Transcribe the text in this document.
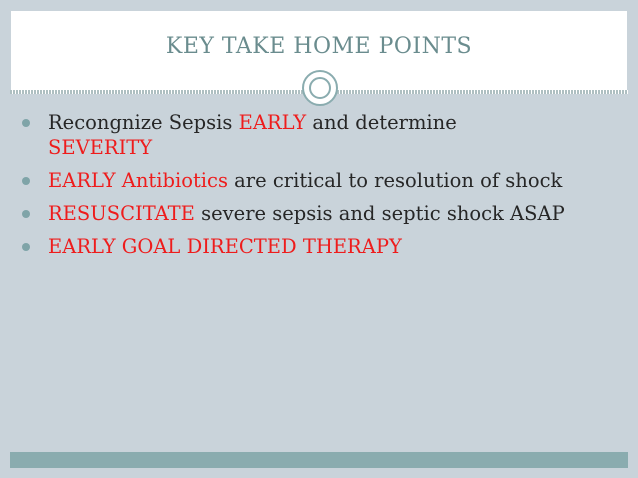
KEY TAKE HOME POINTS
Recongnize Sepsis EARLY and determine
SEVERITY
EARLY Antibiotics are critical to resolution of shock
RESUSCITATE severe sepsis and septic shock ASAP
EARLY GOAL DIRECTED THERAPY
